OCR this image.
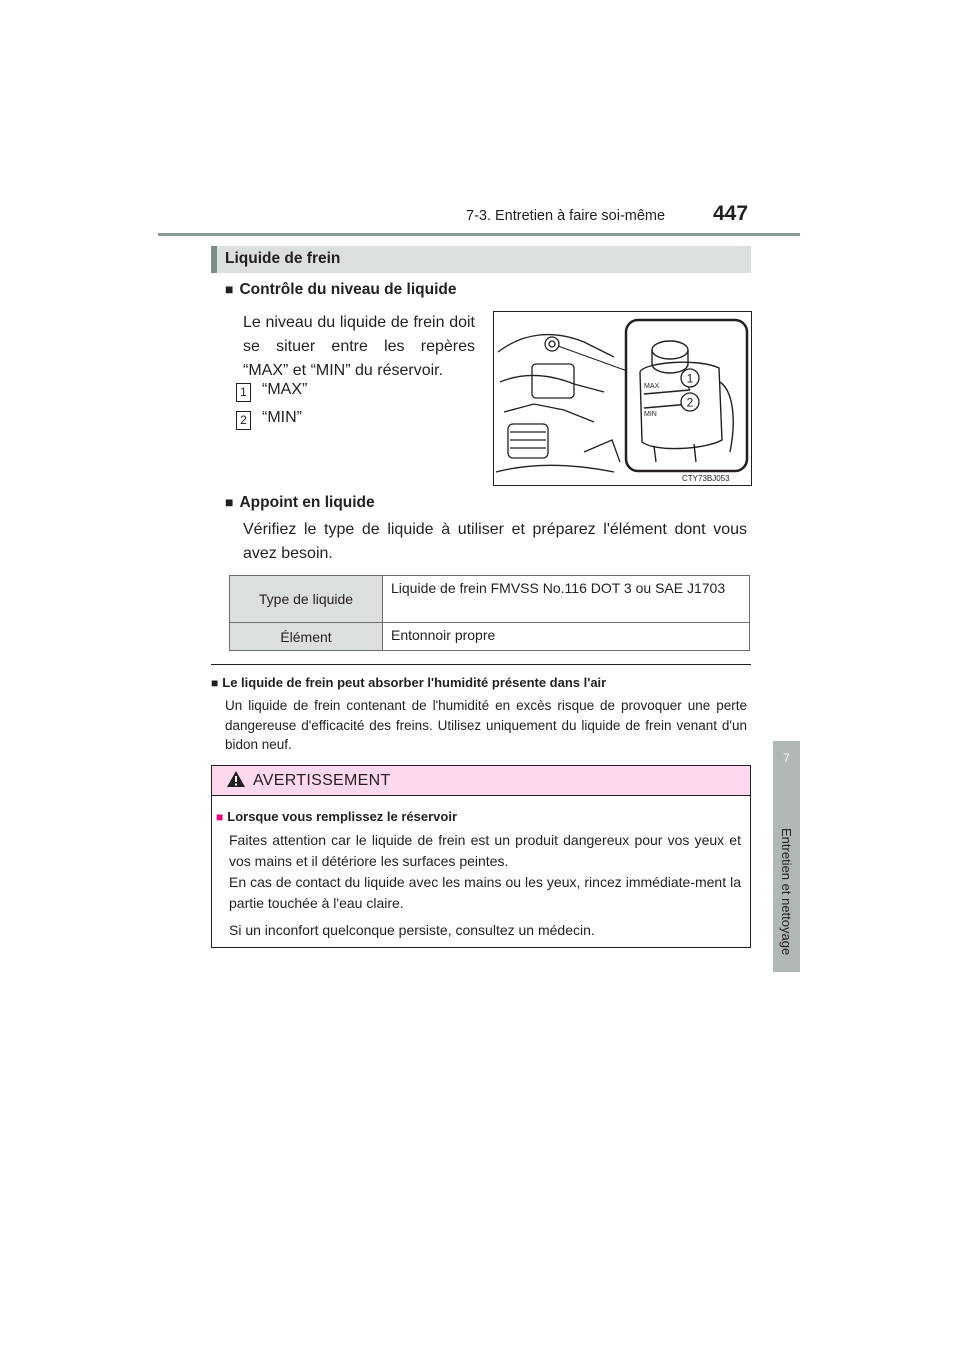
7-3. Entretien à faire soi-même 447
7
Entretien et nettoyage
Liquide de frein
■ Contrôle du niveau de liquide
Le niveau du liquide de frein doit se situer entre les repères “MAX” et “MIN” du réservoir.
1 “MAX”
2 “MIN”
MAX
MIN
1
2
CTY73BJ053
■ Appoint en liquide
Vérifiez le type de liquide à utiliser et préparez l'élément dont vous avez besoin.
Type de liquide	Liquide de frein FMVSS No.116 DOT 3 ou SAE J1703
Élément	Entonnoir propre
■ Le liquide de frein peut absorber l'humidité présente dans l'air
Un liquide de frein contenant de l'humidité en excès risque de provoquer une perte dangereuse d'efficacité des freins. Utilisez uniquement du liquide de frein venant d'un bidon neuf.
AVERTISSEMENT
■ Lorsque vous remplissez le réservoir

Faites attention car le liquide de frein est un produit dangereux pour vos yeux et vos mains et il détériore les surfaces peintes.

En cas de contact du liquide avec les mains ou les yeux, rincez immédiate-ment la partie touchée à l'eau claire.

Si un inconfort quelconque persiste, consultez un médecin.
